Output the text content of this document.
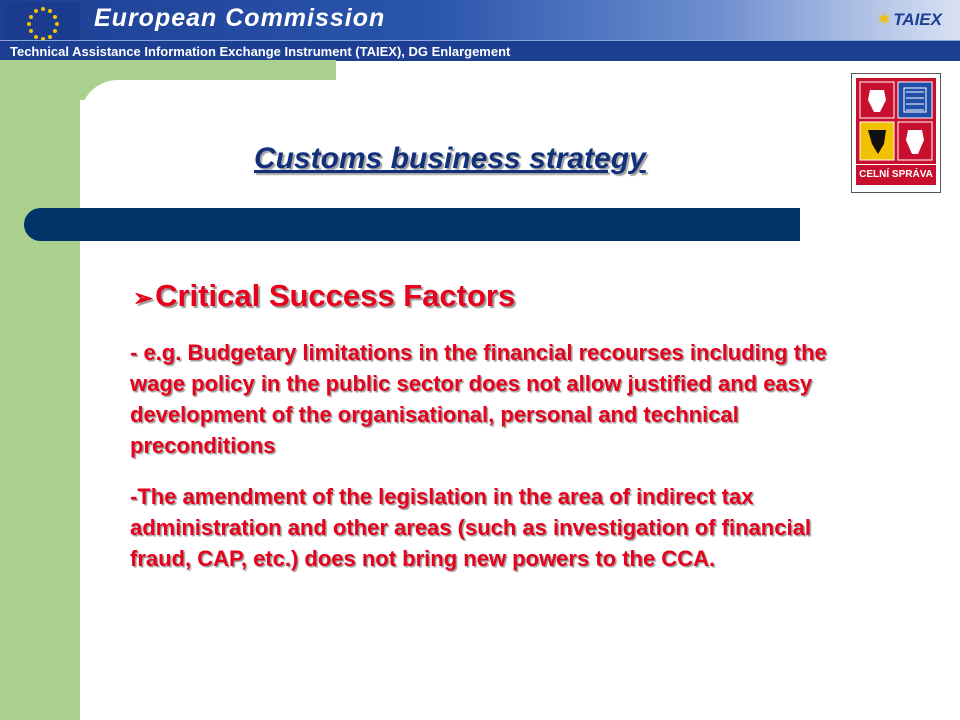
European Commission	✶ TAIEX
Technical Assistance Information Exchange Instrument (TAIEX), DG Enlargement
Customs business strategy	CELNÍ SPRÁVA
➢Critical Success Factors
- e.g. Budgetary limitations in the financial recourses including the wage policy in the public sector does not allow justified and easy development of the organisational, personal and technical preconditions
-The amendment of the legislation in the area of indirect tax administration and other areas (such as investigation of financial fraud, CAP, etc.) does not bring new powers to the CCA.
